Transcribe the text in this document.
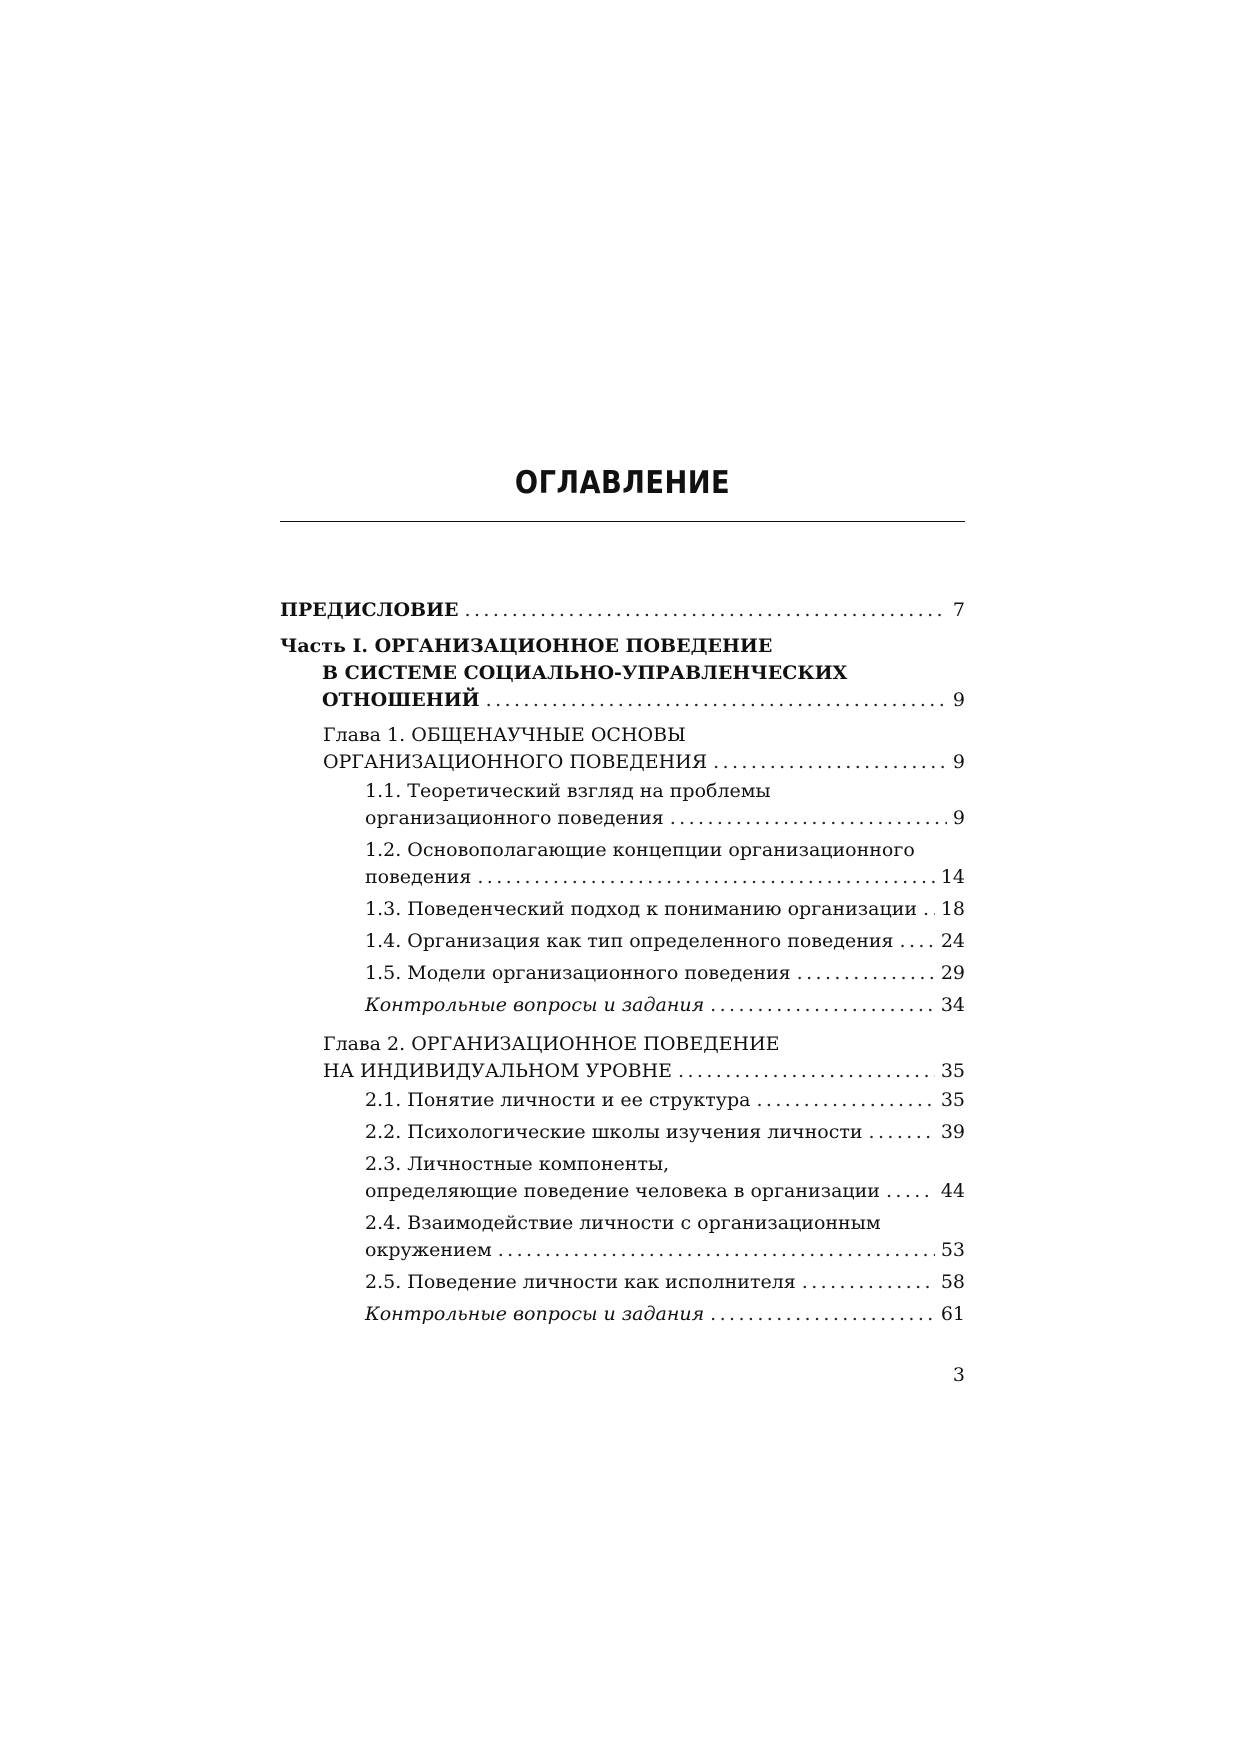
ОГЛАВЛЕНИЕ
ПРЕДИСЛОВИЕ .....	7
Часть I. ОРГАНИЗАЦИОННОЕ ПОВЕДЕНИЕ
В СИСТЕМЕ СОЦИАЛЬНО-УПРАВЛЕНЧЕСКИХ
ОТНОШЕНИЙ .....	9
Глава 1. ОБЩЕНАУЧНЫЕ ОСНОВЫ
ОРГАНИЗАЦИОННОГО ПОВЕДЕНИЯ .....	9
1.1. Теоретический взгляд на проблемы
организационного поведения .....	9
1.2. Основополагающие концепции организационного
поведения .....	14
1.3. Поведенческий подход к пониманию организации ..... 18
1.4. Организация как тип определенного поведения ..... 24
1.5. Модели организационного поведения .....	29
Контрольные вопросы и задания .....	34
Глава 2. ОРГАНИЗАЦИОННОЕ ПОВЕДЕНИЕ
НА ИНДИВИДУАЛЬНОМ УРОВНЕ .....	35
2.1. Понятие личности и ее структура .....	35
2.2. Психологические школы изучения личности .....	39
2.3. Личностные компоненты,
определяющие поведение человека в организации .....	44
2.4. Взаимодействие личности с организационным
окружением .....	53
2.5. Поведение личности как исполнителя .....	58
Контрольные вопросы и задания .....	61
3
